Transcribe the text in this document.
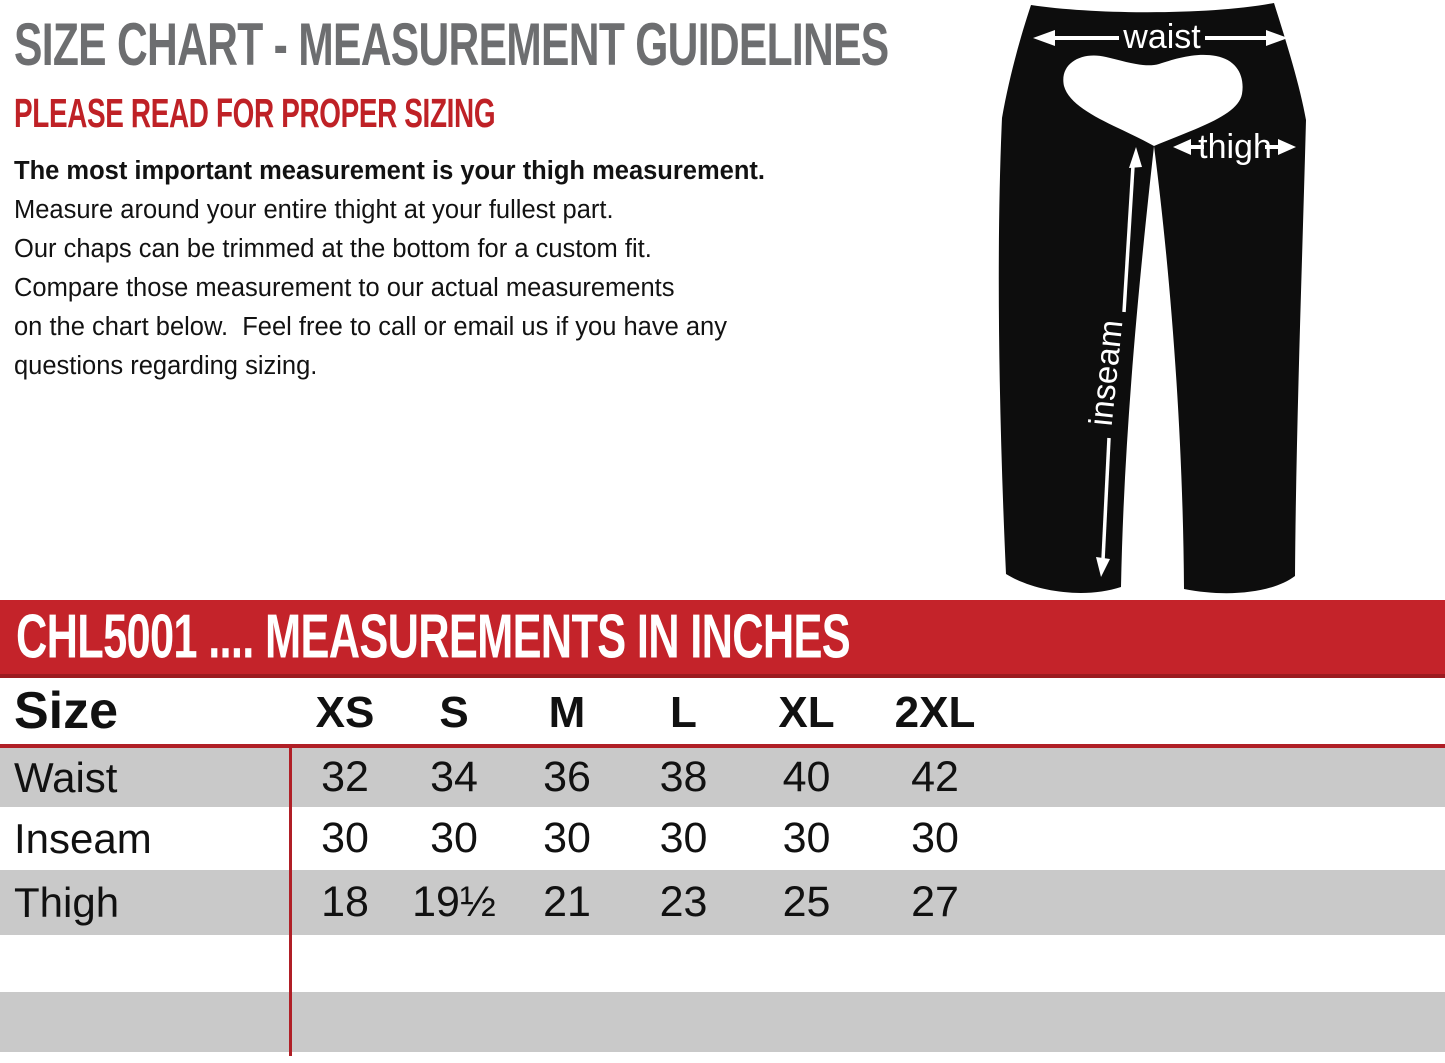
SIZE CHART - MEASUREMENT GUIDELINES
PLEASE READ FOR PROPER SIZING
The most important measurement is your thigh measurement.
Measure around your entire thight at your fullest part.
Our chaps can be trimmed at the bottom for a custom fit.
Compare those measurement to our actual measurements
on the chart below.  Feel free to call or email us if you have any
questions regarding sizing.
waist
thigh
inseam
CHL5001 .... MEASUREMENTS IN INCHES
Size	XS	S	M	L	XL	2XL
Waist	32	34	36	38	40	42
Inseam	30	30	30	30	30	30
Thigh	18	19½	21	23	25	27
